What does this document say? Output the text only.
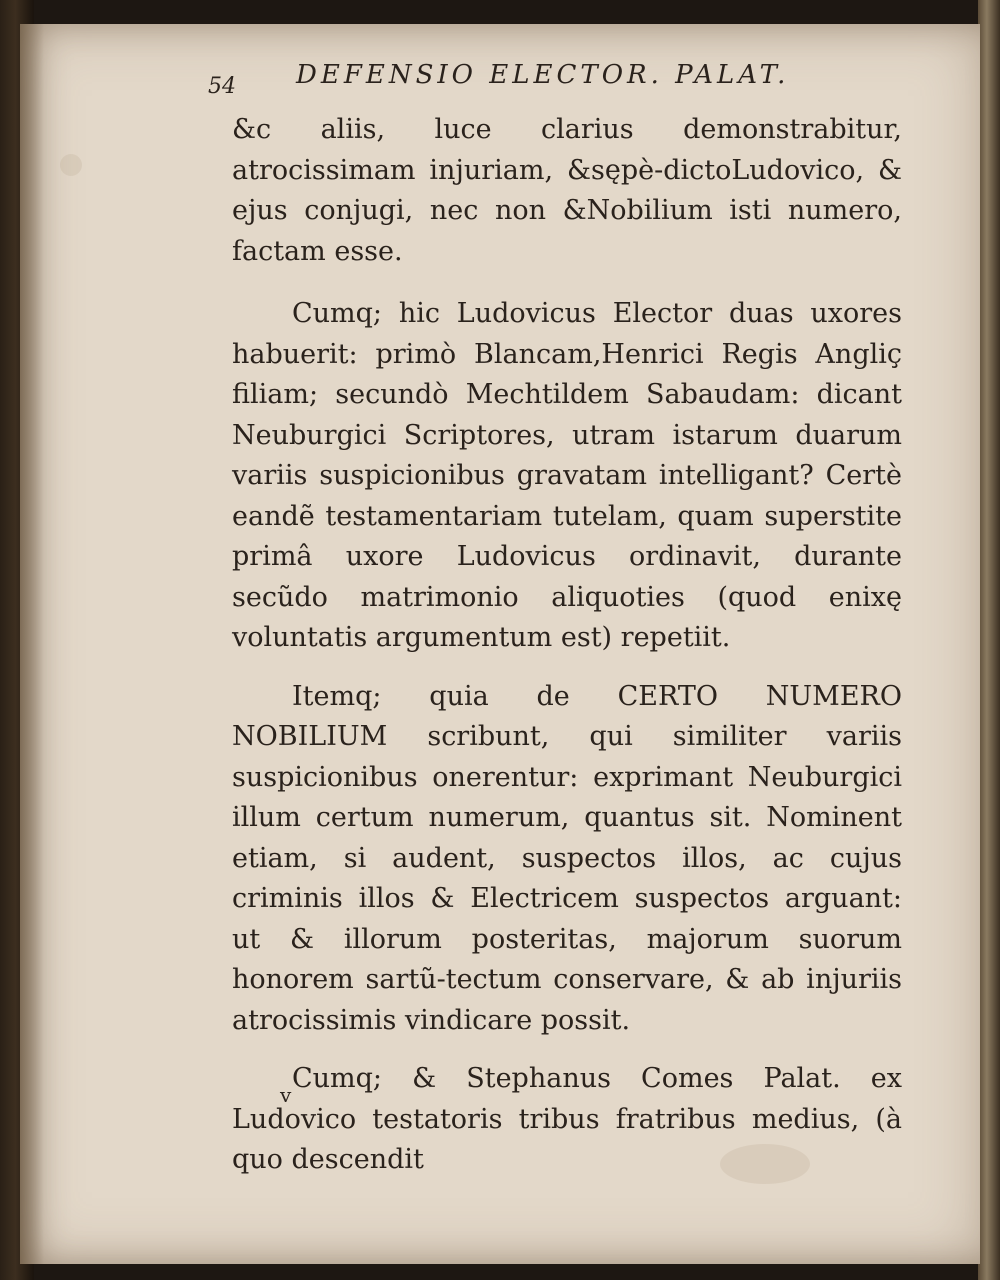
54 DEFENSIO ELECTOR. PALAT.

&c aliis, luce clarius demonstrabitur, atrocissimam injuriam, &sępè-dictoLudovico, & ejus conjugi, nec non &Nobilium isti numero, factam esse.

Cumq; hic Ludovicus Elector duas uxores habuerit: primò Blancam,Henrici Regis Angliç filiam; secundò Mechtildem Sabaudam: dicant Neuburgici Scriptores, utram istarum duarum variis suspicionibus gravatam intelligant? Certè eandẽ testamentariam tutelam, quam superstite primâ uxore Ludovicus ordinavit, durante secũdo matrimonio aliquoties (quod enixę voluntatis argumentum est) repetiit.

Itemq; quia de CERTO NUMERO NOBILIUM scribunt, qui similiter variis suspicionibus onerentur: exprimant Neuburgici illum certum numerum, quantus sit. Nominent etiam, si audent, suspectos illos, ac cujus criminis illos & Electricem suspectos arguant: ut & illorum posteritas, majorum suorum honorem sartũ-tectum conservare, & ab injuriis atrocissimis vindicare possit.

Cumq; & Stephanus Comes Palat. ex Ludovico testatoris tribus fratribus medius, (à quo descendit

v
